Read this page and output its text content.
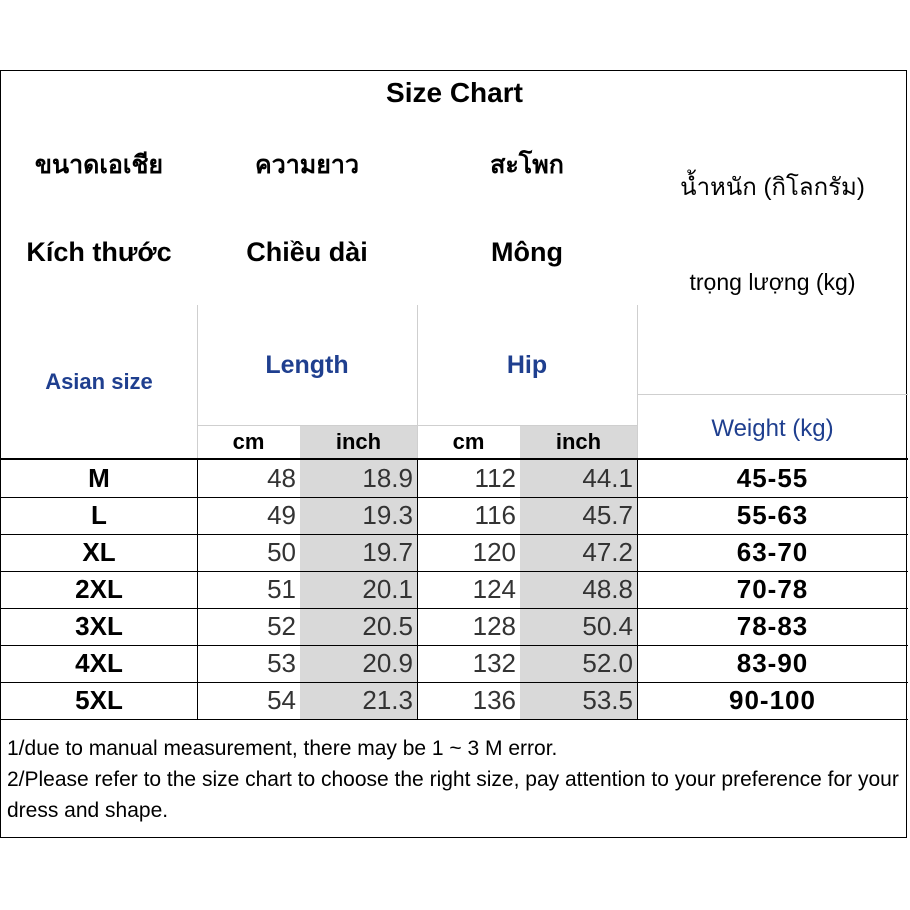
Size Chart
ขนาดเอเชีย	ความยาว	สะโพก
น้ำหนัก (กิโลกรัม)
Kích thước	Chiều dài	Mông
trọng lượng (kg)
Asian size
Length	Hip
Weight (kg)
cm	inch	cm	inch
M	48	18.9	112	44.1	45-55
L	49	19.3	116	45.7	55-63
XL	50	19.7	120	47.2	63-70
2XL	51	20.1	124	48.8	70-78
3XL	52	20.5	128	50.4	78-83
4XL	53	20.9	132	52.0	83-90
5XL	54	21.3	136	53.5	90-100
1/due to manual measurement, there may be 1 ~ 3 M error.
2/Please refer to the size chart to choose the right size, pay attention to your preference for your dress and shape.
